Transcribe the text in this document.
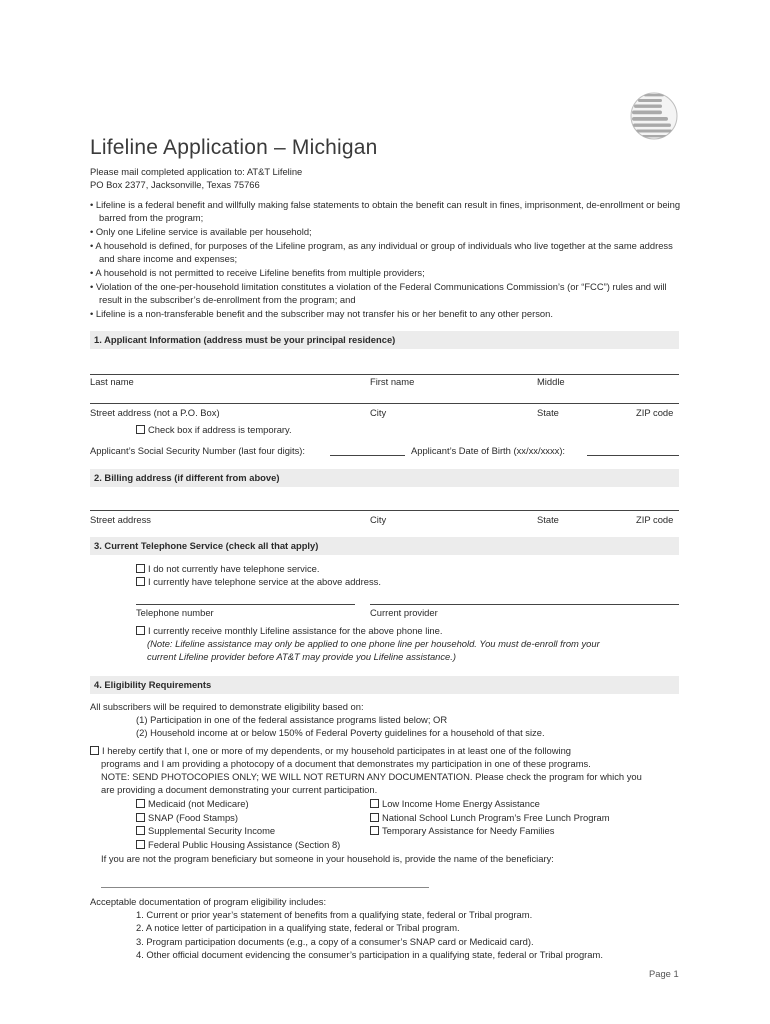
Lifeline Application – Michigan
Please mail completed application to: AT&T Lifeline
PO Box 2377, Jacksonville, Texas 75766
• Lifeline is a federal benefit and willfully making false statements to obtain the benefit can result in fines, imprisonment, de-enrollment or being barred from the program;
• Only one Lifeline service is available per household;
• A household is defined, for purposes of the Lifeline program, as any individual or group of individuals who live together at the same address and share income and expenses;
• A household is not permitted to receive Lifeline benefits from multiple providers;
• Violation of the one-per-household limitation constitutes a violation of the Federal Communications Commission’s (or “FCC”) rules and will result in the subscriber’s de-enrollment from the program; and
• Lifeline is a non-transferable benefit and the subscriber may not transfer his or her benefit to any other person.
1. Applicant Information (address must be your principal residence)
Last name	First name	Middle
Street address (not a P.O. Box)	City	State	ZIP code
Check box if address is temporary.
Applicant’s Social Security Number (last four digits):	Applicant’s Date of Birth (xx/xx/xxxx):
2. Billing address (if different from above)
Street address	City	State	ZIP code
3. Current Telephone Service (check all that apply)
I do not currently have telephone service.
I currently have telephone service at the above address.
Telephone number	Current provider
I currently receive monthly Lifeline assistance for the above phone line.
(Note: Lifeline assistance may only be applied to one phone line per household. You must de-enroll from your
current Lifeline provider before AT&T may provide you Lifeline assistance.)
4. Eligibility Requirements
All subscribers will be required to demonstrate eligibility based on:
(1) Participation in one of the federal assistance programs listed below; OR
(2) Household income at or below 150% of Federal Poverty guidelines for a household of that size.
I hereby certify that I, one or more of my dependents, or my household participates in at least one of the following
programs and I am providing a photocopy of a document that demonstrates my participation in one of these programs.
NOTE: SEND PHOTOCOPIES ONLY; WE WILL NOT RETURN ANY DOCUMENTATION. Please check the program for which you
are providing a document demonstrating your current participation.
Medicaid (not Medicare)
SNAP (Food Stamps)
Supplemental Security Income
Federal Public Housing Assistance (Section 8)
Low Income Home Energy Assistance
National School Lunch Program’s Free Lunch Program
Temporary Assistance for Needy Families
If you are not the program beneficiary but someone in your household is, provide the name of the beneficiary:
Acceptable documentation of program eligibility includes:
1. Current or prior year’s statement of benefits from a qualifying state, federal or Tribal program.
2. A notice letter of participation in a qualifying state, federal or Tribal program.
3. Program participation documents (e.g., a copy of a consumer’s SNAP card or Medicaid card).
4. Other official document evidencing the consumer’s participation in a qualifying state, federal or Tribal program.
Page 1
